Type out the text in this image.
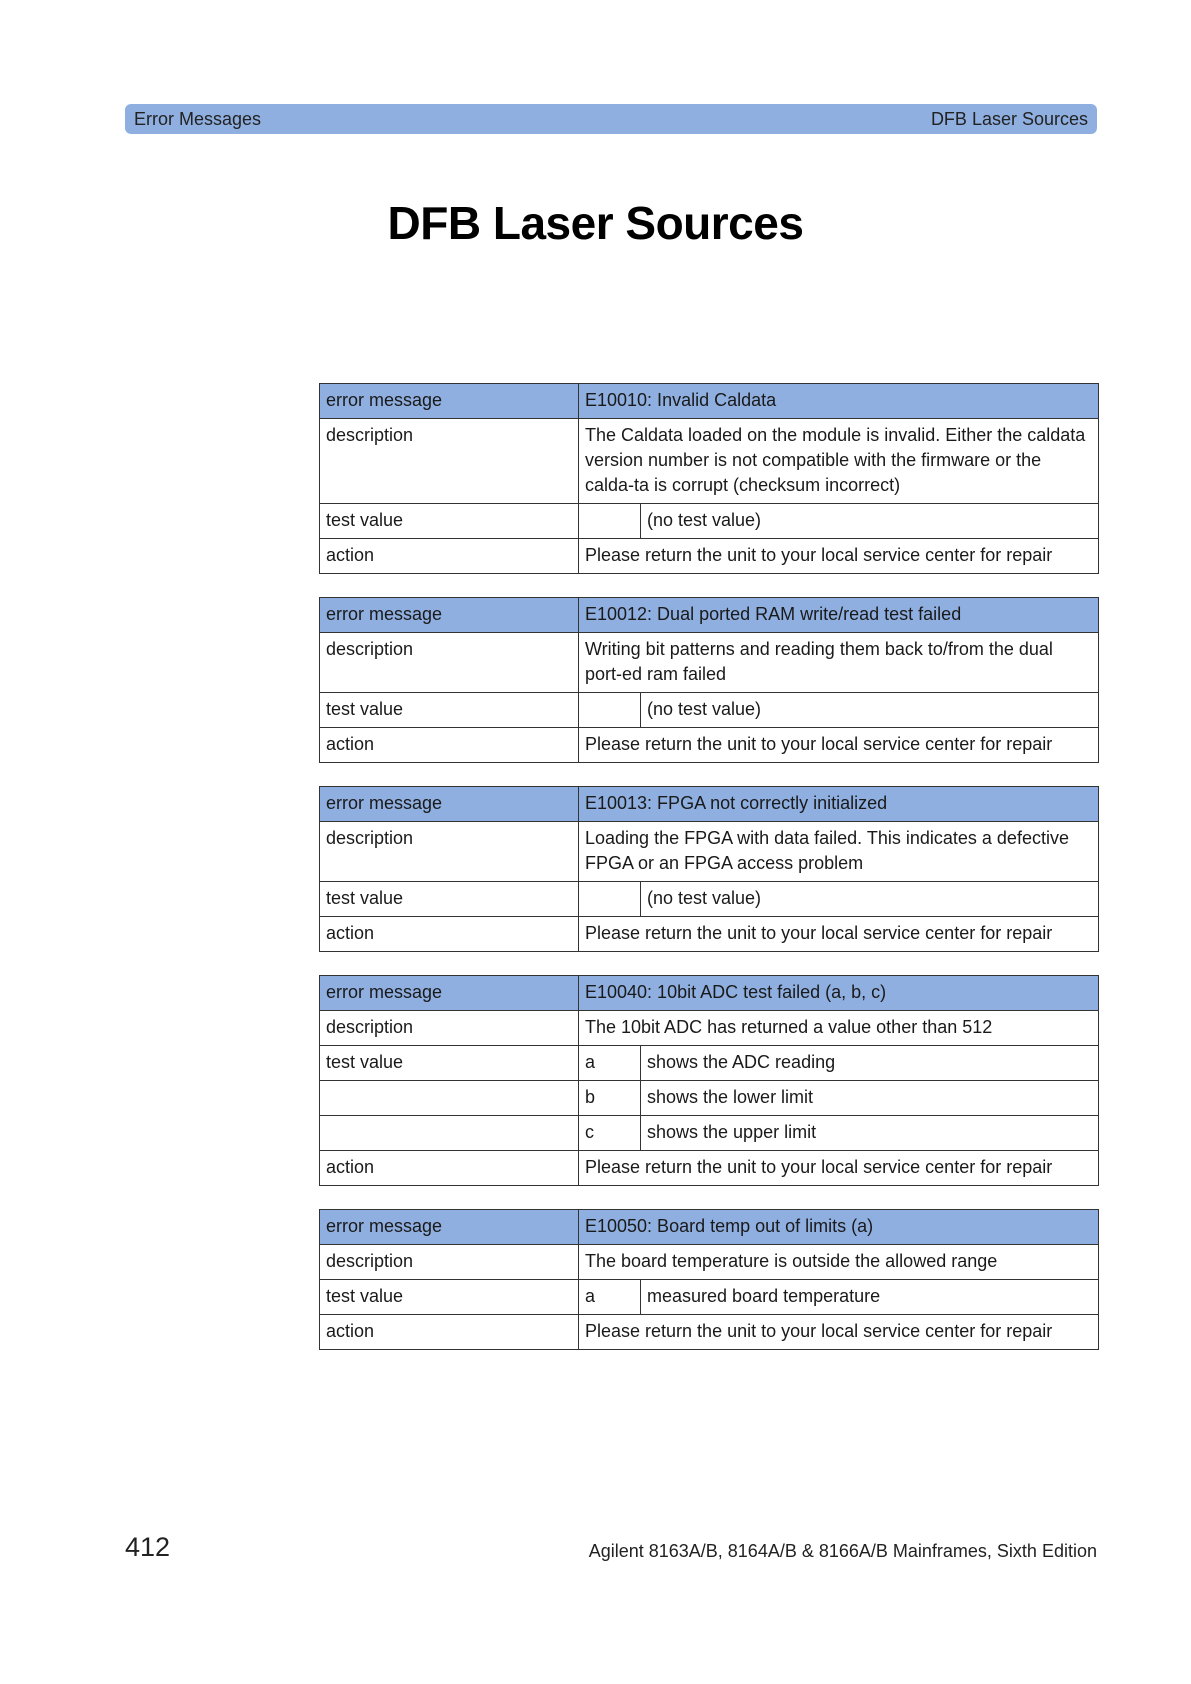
Error Messages	DFB Laser Sources
DFB Laser Sources
error message	E10010: Invalid Caldata	
description	The Caldata loaded on the module is invalid. Either the caldata version number is not compatible with the firmware or the calda-ta is corrupt (checksum incorrect)	
test value		(no test value)
action	Please return the unit to your local service center for repair	
error message	E10012: Dual ported RAM write/read test failed	
description	Writing bit patterns and reading them back to/from the dual port-ed ram failed	
test value		(no test value)
action	Please return the unit to your local service center for repair	
error message	E10013: FPGA not correctly initialized	
description	Loading the FPGA with data failed. This indicates a defective FPGA or an FPGA access problem	
test value		(no test value)
action	Please return the unit to your local service center for repair	
error message	E10040: 10bit ADC test failed (a, b, c)	
description	The 10bit ADC has returned a value other than 512	
test value	a	shows the ADC reading
	b	shows the lower limit
	c	shows the upper limit
action	Please return the unit to your local service center for repair	
error message	E10050: Board temp out of limits (a)	
description	The board temperature is outside the allowed range	
test value	a	measured board temperature
action	Please return the unit to your local service center for repair	
412	Agilent 8163A/B, 8164A/B & 8166A/B Mainframes, Sixth Edition
